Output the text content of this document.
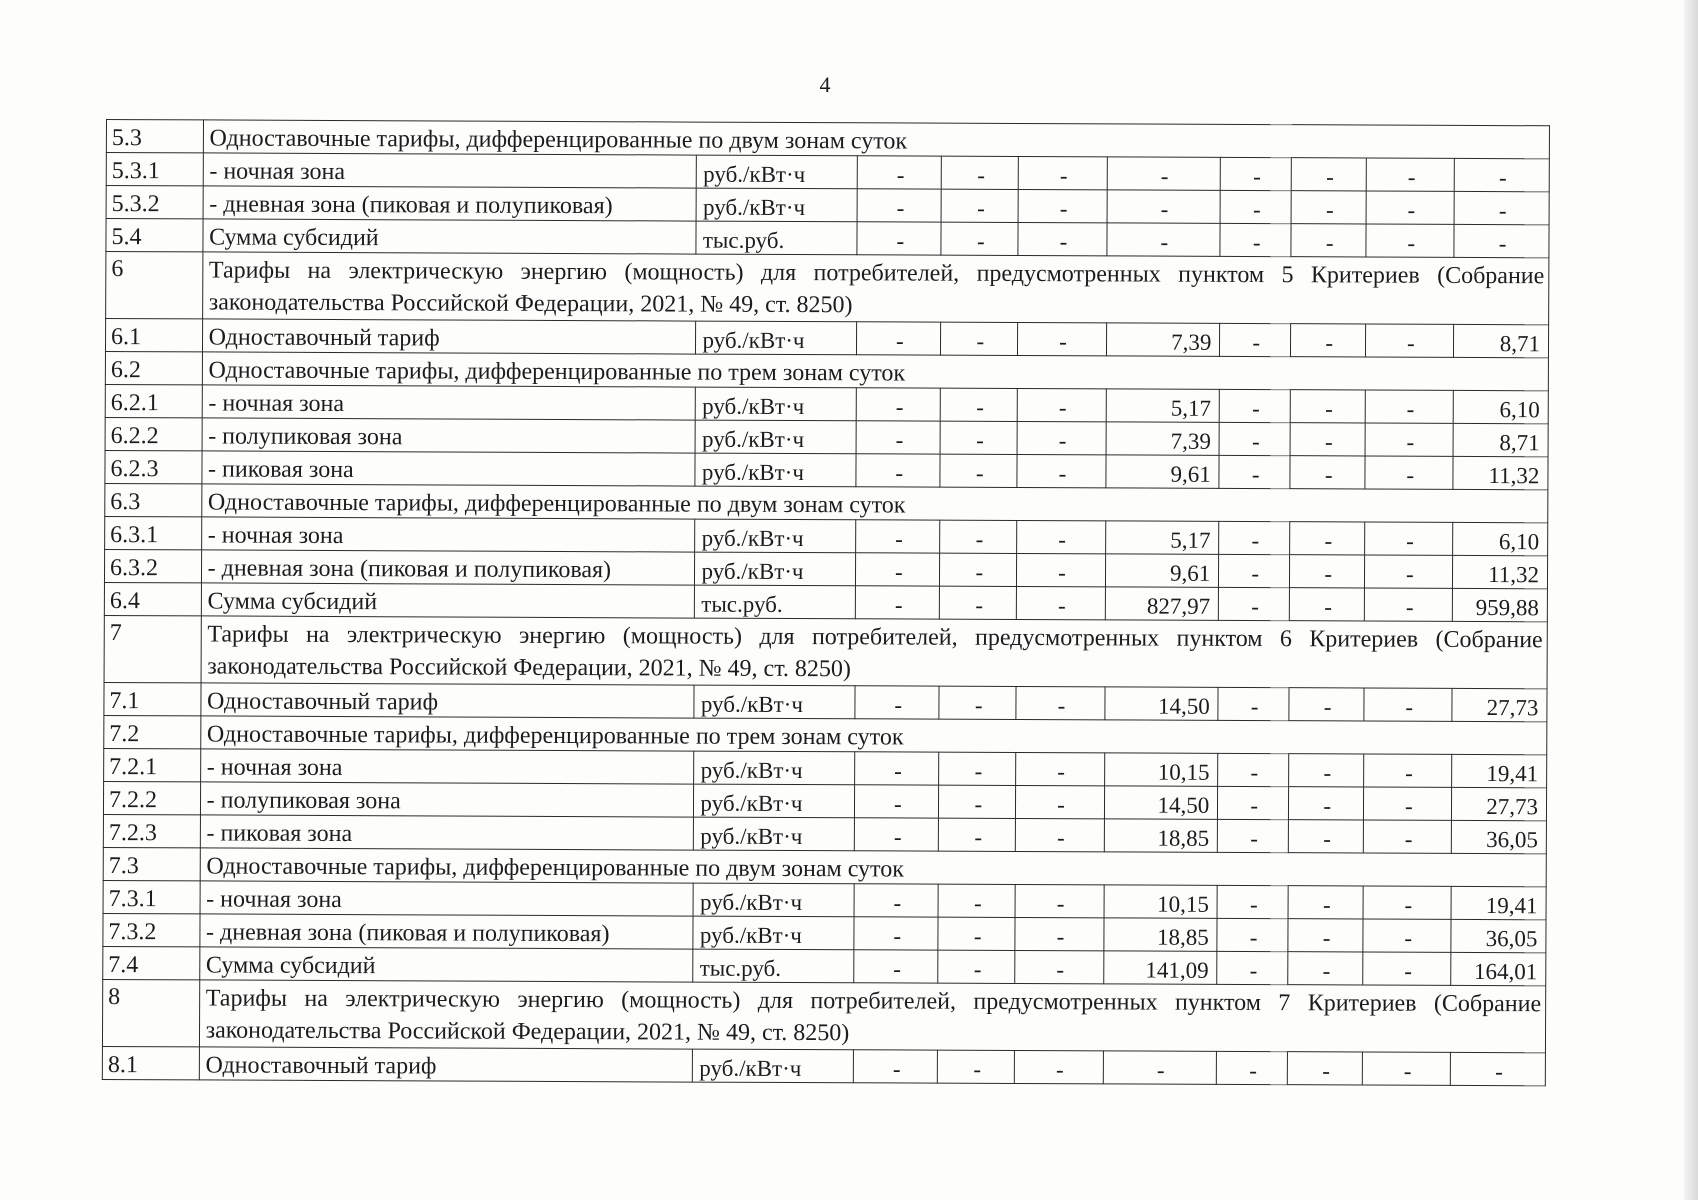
4
5.3	Одноставочные тарифы, дифференцированные по двум зонам суток									
5.3.1	- ночная зона	руб./кВт·ч	-	-	-	-	-	-	-	-
5.3.2	- дневная зона (пиковая и полупиковая)	руб./кВт·ч	-	-	-	-	-	-	-	-
5.4	Сумма субсидий	тыс.руб.	-	-	-	-	-	-	-	-
6	Тарифы на электрическую энергию (мощность) для потребителей, предусмотренных пунктом 5 Критериев (Собрание законодательства Российской Федерации, 2021, № 49, ст. 8250)									
6.1	Одноставочный тариф	руб./кВт·ч	-	-	-	7,39	-	-	-	8,71
6.2	Одноставочные тарифы, дифференцированные по трем зонам суток									
6.2.1	- ночная зона	руб./кВт·ч	-	-	-	5,17	-	-	-	6,10
6.2.2	- полупиковая зона	руб./кВт·ч	-	-	-	7,39	-	-	-	8,71
6.2.3	- пиковая зона	руб./кВт·ч	-	-	-	9,61	-	-	-	11,32
6.3	Одноставочные тарифы, дифференцированные по двум зонам суток									
6.3.1	- ночная зона	руб./кВт·ч	-	-	-	5,17	-	-	-	6,10
6.3.2	- дневная зона (пиковая и полупиковая)	руб./кВт·ч	-	-	-	9,61	-	-	-	11,32
6.4	Сумма субсидий	тыс.руб.	-	-	-	827,97	-	-	-	959,88
7	Тарифы на электрическую энергию (мощность) для потребителей, предусмотренных пунктом 6 Критериев (Собрание законодательства Российской Федерации, 2021, № 49, ст. 8250)									
7.1	Одноставочный тариф	руб./кВт·ч	-	-	-	14,50	-	-	-	27,73
7.2	Одноставочные тарифы, дифференцированные по трем зонам суток									
7.2.1	- ночная зона	руб./кВт·ч	-	-	-	10,15	-	-	-	19,41
7.2.2	- полупиковая зона	руб./кВт·ч	-	-	-	14,50	-	-	-	27,73
7.2.3	- пиковая зона	руб./кВт·ч	-	-	-	18,85	-	-	-	36,05
7.3	Одноставочные тарифы, дифференцированные по двум зонам суток									
7.3.1	- ночная зона	руб./кВт·ч	-	-	-	10,15	-	-	-	19,41
7.3.2	- дневная зона (пиковая и полупиковая)	руб./кВт·ч	-	-	-	18,85	-	-	-	36,05
7.4	Сумма субсидий	тыс.руб.	-	-	-	141,09	-	-	-	164,01
8	Тарифы на электрическую энергию (мощность) для потребителей, предусмотренных пунктом 7 Критериев (Собрание законодательства Российской Федерации, 2021, № 49, ст. 8250)									
8.1	Одноставочный тариф	руб./кВт·ч	-	-	-	-	-	-	-	-
